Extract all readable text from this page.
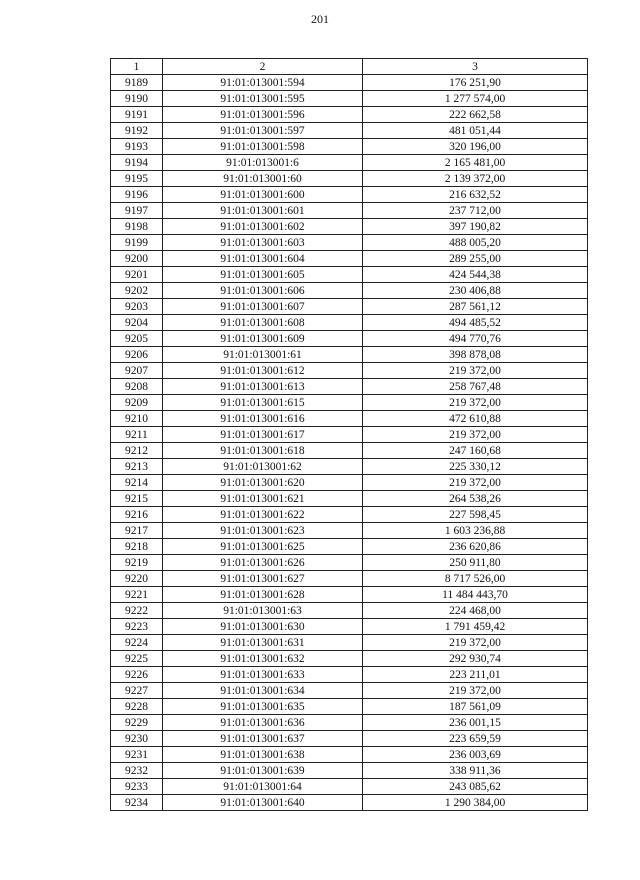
201
1	2	3
9189	91:01:013001:594	176 251,90
9190	91:01:013001:595	1 277 574,00
9191	91:01:013001:596	222 662,58
9192	91:01:013001:597	481 051,44
9193	91:01:013001:598	320 196,00
9194	91:01:013001:6	2 165 481,00
9195	91:01:013001:60	2 139 372,00
9196	91:01:013001:600	216 632,52
9197	91:01:013001:601	237 712,00
9198	91:01:013001:602	397 190,82
9199	91:01:013001:603	488 005,20
9200	91:01:013001:604	289 255,00
9201	91:01:013001:605	424 544,38
9202	91:01:013001:606	230 406,88
9203	91:01:013001:607	287 561,12
9204	91:01:013001:608	494 485,52
9205	91:01:013001:609	494 770,76
9206	91:01:013001:61	398 878,08
9207	91:01:013001:612	219 372,00
9208	91:01:013001:613	258 767,48
9209	91:01:013001:615	219 372,00
9210	91:01:013001:616	472 610,88
9211	91:01:013001:617	219 372,00
9212	91:01:013001:618	247 160,68
9213	91:01:013001:62	225 330,12
9214	91:01:013001:620	219 372,00
9215	91:01:013001:621	264 538,26
9216	91:01:013001:622	227 598,45
9217	91:01:013001:623	1 603 236,88
9218	91:01:013001:625	236 620,86
9219	91:01:013001:626	250 911,80
9220	91:01:013001:627	8 717 526,00
9221	91:01:013001:628	11 484 443,70
9222	91:01:013001:63	224 468,00
9223	91:01:013001:630	1 791 459,42
9224	91:01:013001:631	219 372,00
9225	91:01:013001:632	292 930,74
9226	91:01:013001:633	223 211,01
9227	91:01:013001:634	219 372,00
9228	91:01:013001:635	187 561,09
9229	91:01:013001:636	236 001,15
9230	91:01:013001:637	223 659,59
9231	91:01:013001:638	236 003,69
9232	91:01:013001:639	338 911,36
9233	91:01:013001:64	243 085,62
9234	91:01:013001:640	1 290 384,00
